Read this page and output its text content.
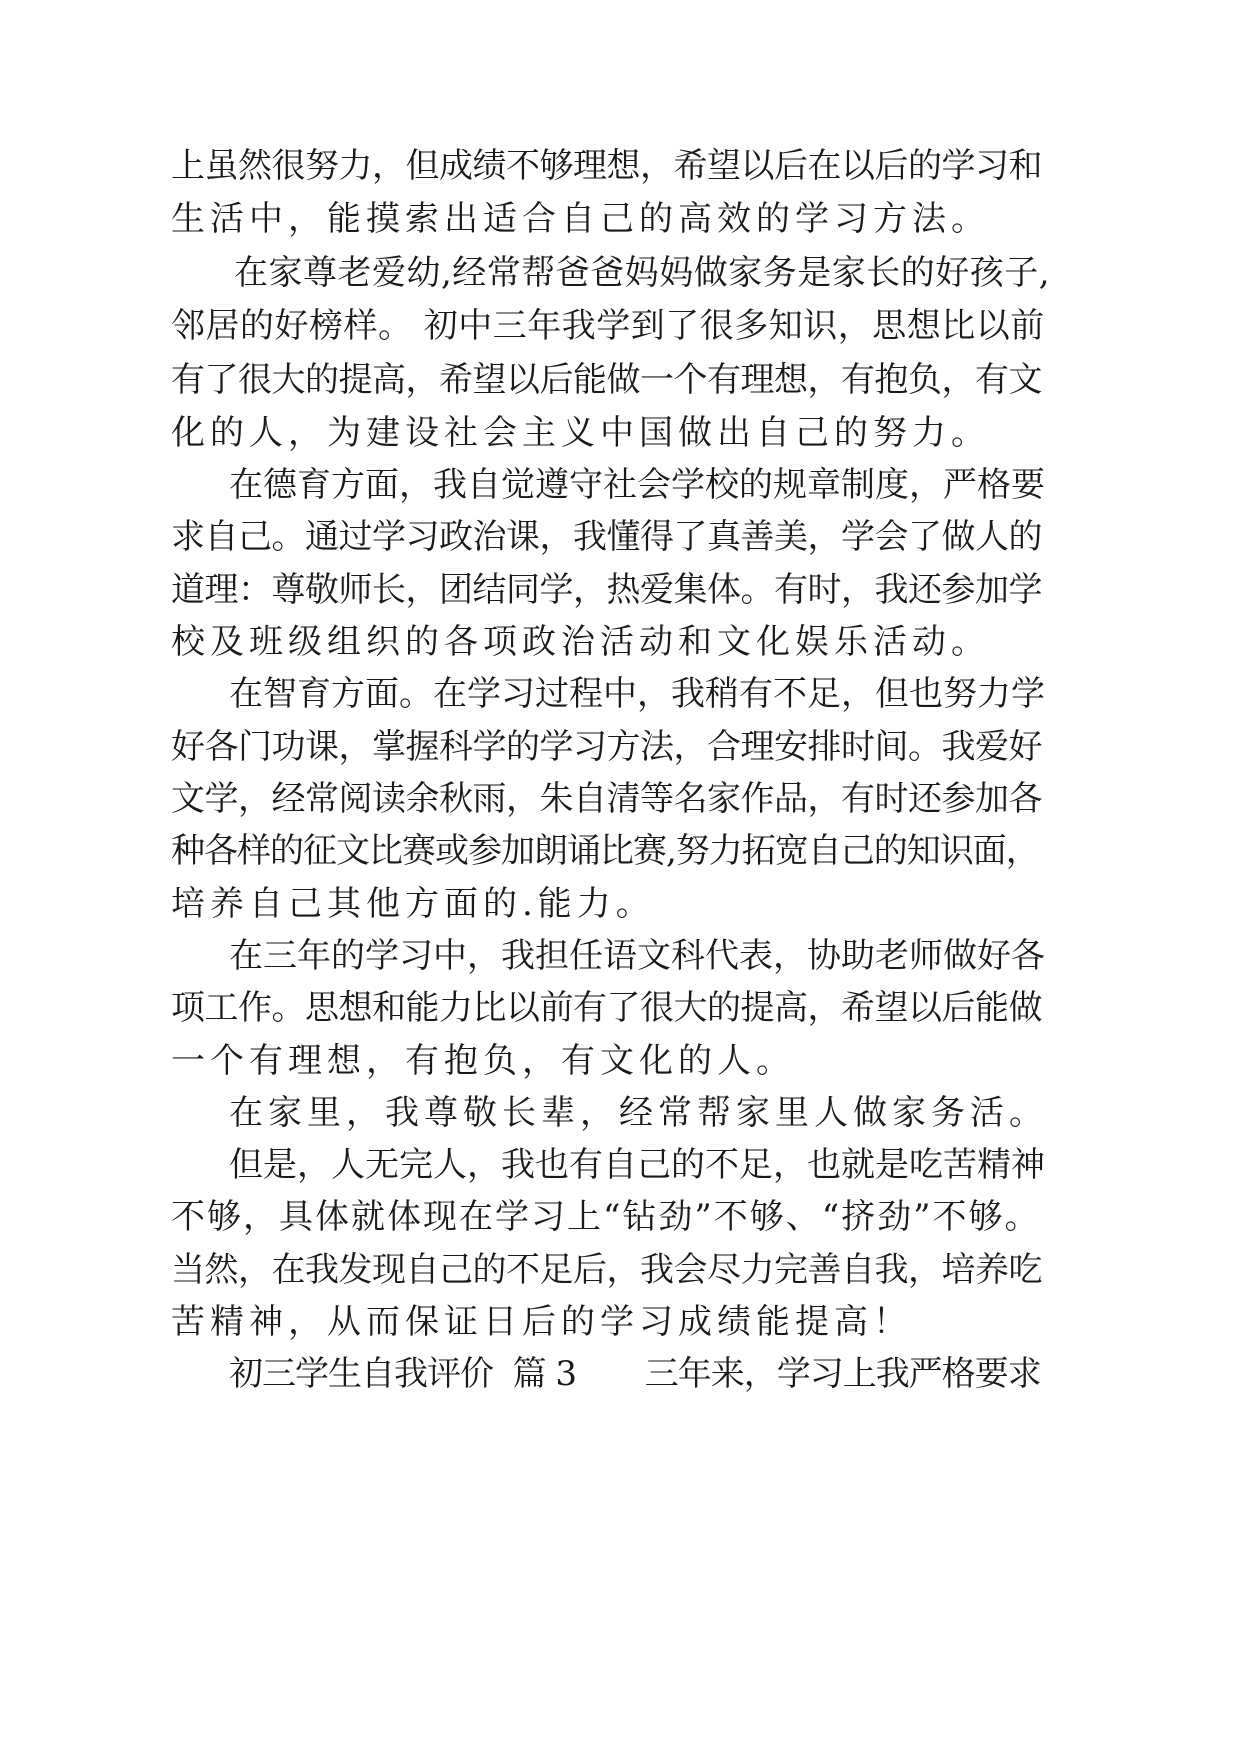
上虽然很努力，但成绩不够理想，希望以后在以后的学习和
生活中，能摸索出适合自己的高效的学习方法。
在家尊老爱幼,经常帮爸爸妈妈做家务是家长的好孩子,
邻居的好榜样。 初中三年我学到了很多知识，思想比以前
有了很大的提高，希望以后能做一个有理想，有抱负，有文
化的人，为建设社会主义中国做出自己的努力。
在德育方面，我自觉遵守社会学校的规章制度，严格要
求自己。通过学习政治课，我懂得了真善美，学会了做人的
道理：尊敬师长，团结同学，热爱集体。有时，我还参加学
校及班级组织的各项政治活动和文化娱乐活动。
在智育方面。在学习过程中，我稍有不足，但也努力学
好各门功课，掌握科学的学习方法，合理安排时间。我爱好
文学，经常阅读余秋雨，朱自清等名家作品，有时还参加各
种各样的征文比赛或参加朗诵比赛,努力拓宽自己的知识面，
培养自己其他方面的.能力。
在三年的学习中，我担任语文科代表，协助老师做好各
项工作。思想和能力比以前有了很大的提高，希望以后能做
一个有理想，有抱负，有文化的人。
在家里，我尊敬长辈，经常帮家里人做家务活。
但是，人无完人，我也有自己的不足，也就是吃苦精神
不够，具体就体现在学习上“钻劲”不够、“挤劲”不够。
当然，在我发现自己的不足后，我会尽力完善自我，培养吃
苦精神，从而保证日后的学习成绩能提高！
初三学生自我评价  篇 3       三年来，学习上我严格要求
